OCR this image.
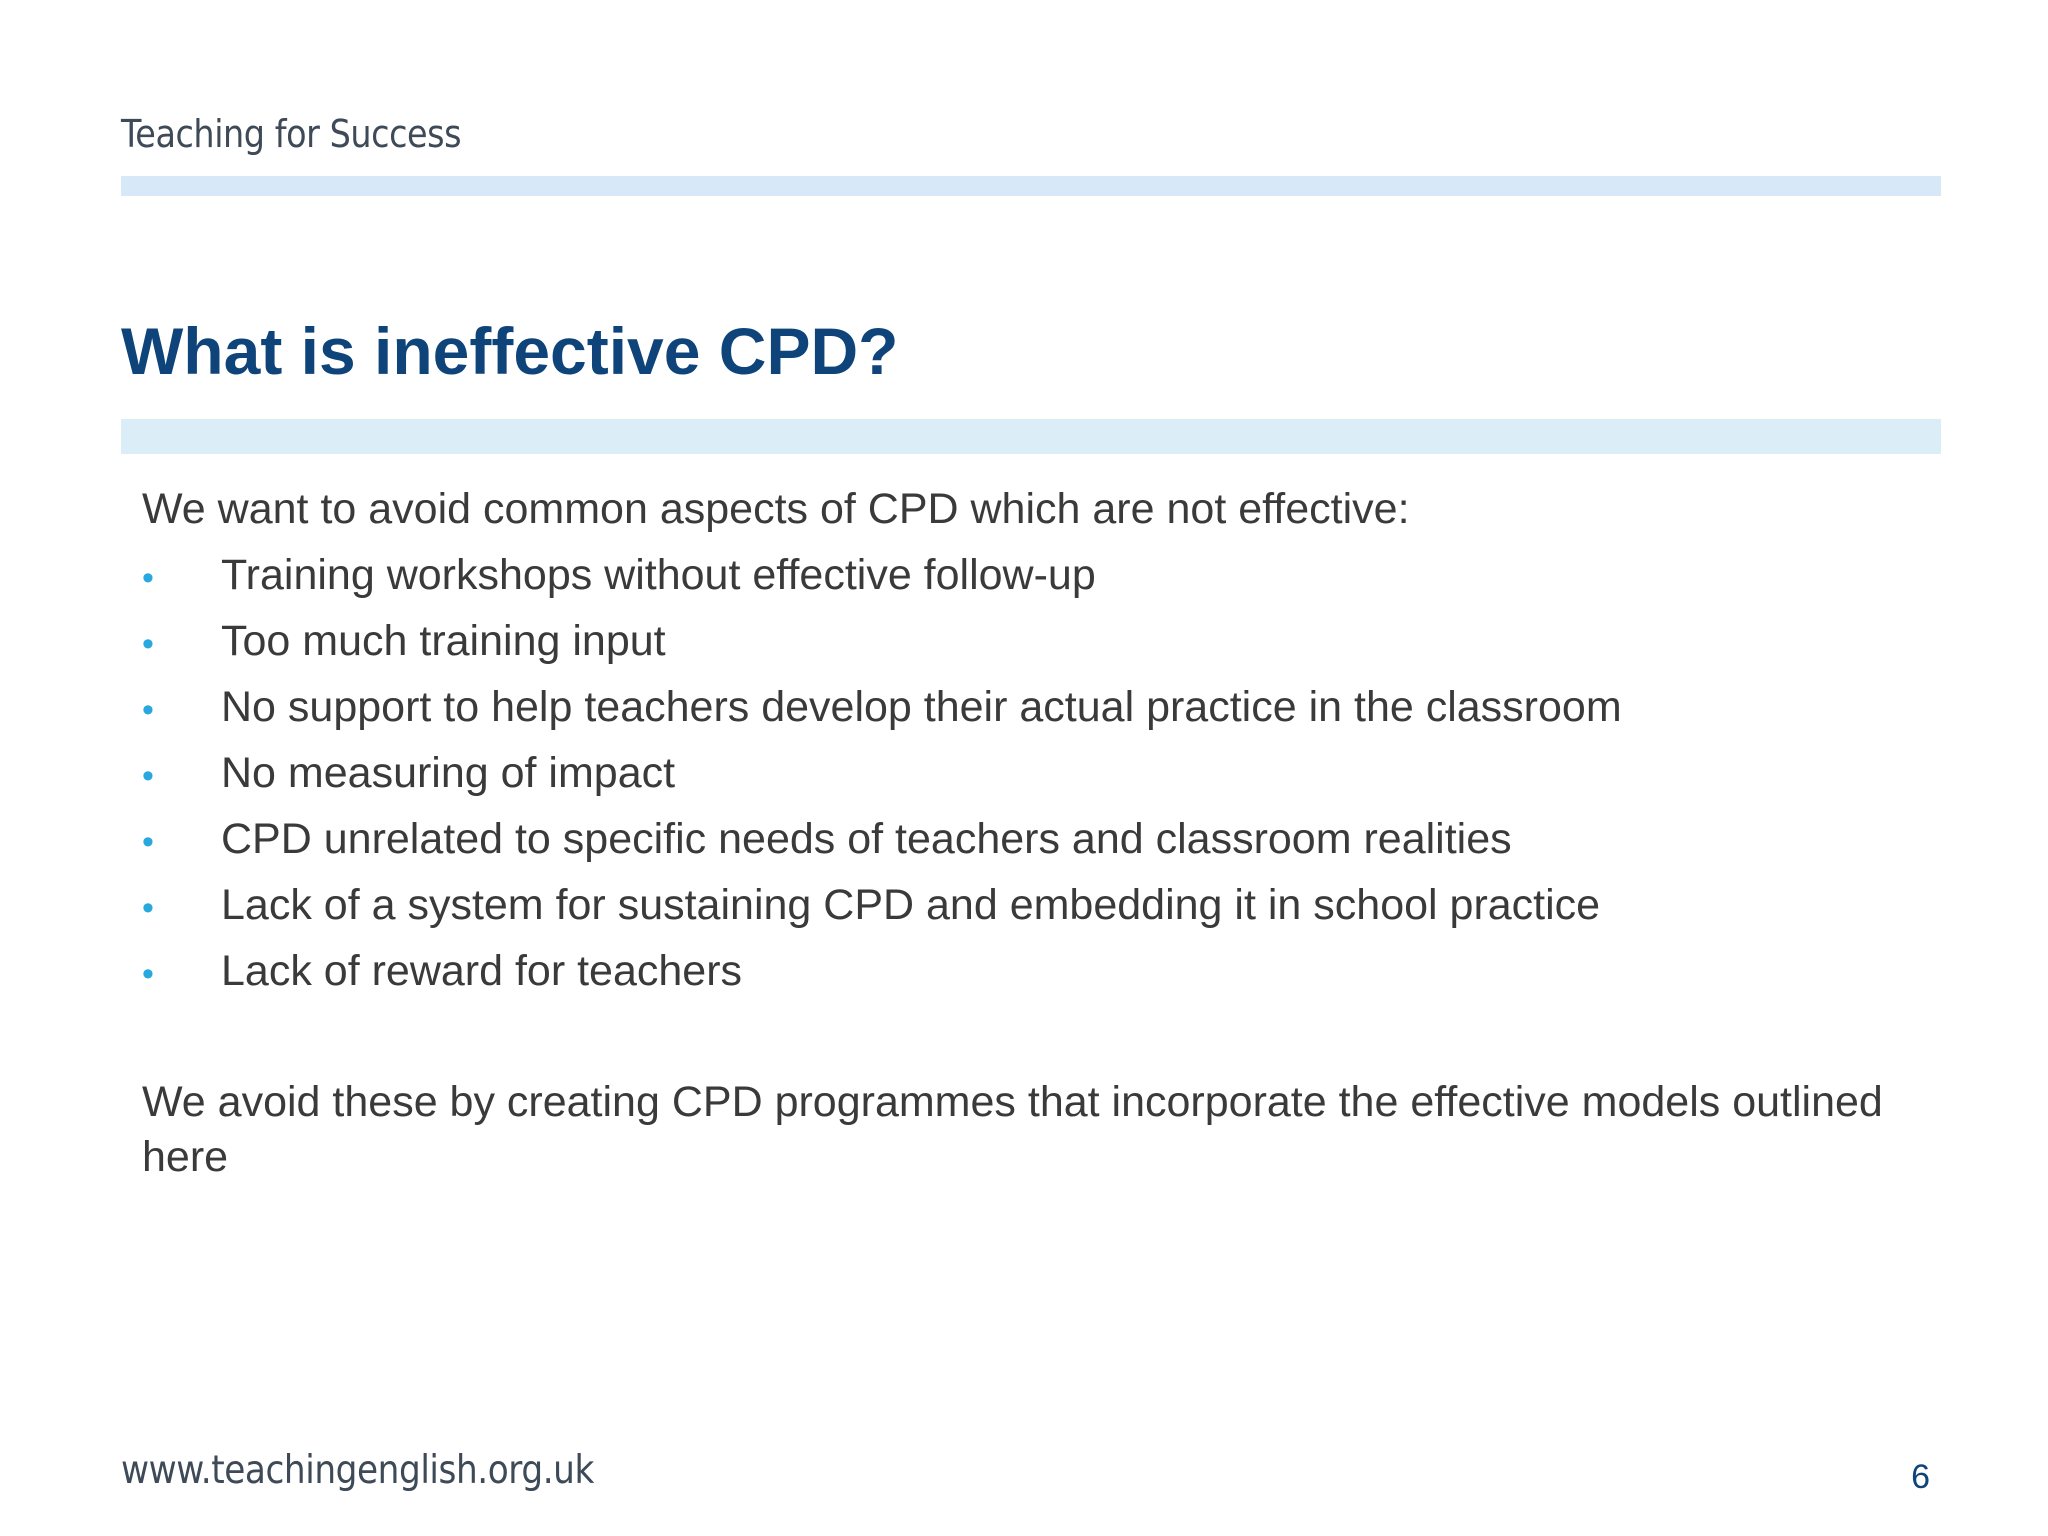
Teaching for Success
What is ineffective CPD?

We want to avoid common aspects of CPD which are not effective:

•	Training workshops without effective follow-up
•	Too much training input
•	No support to help teachers develop their actual practice in the classroom
•	No measuring of impact
•	CPD unrelated to specific needs of teachers and classroom realities
•	Lack of a system for sustaining CPD and embedding it in school practice
•	Lack of reward for teachers

We avoid these by creating CPD programmes that incorporate the effective models outlined here

www.teachingenglish.org.uk	6
